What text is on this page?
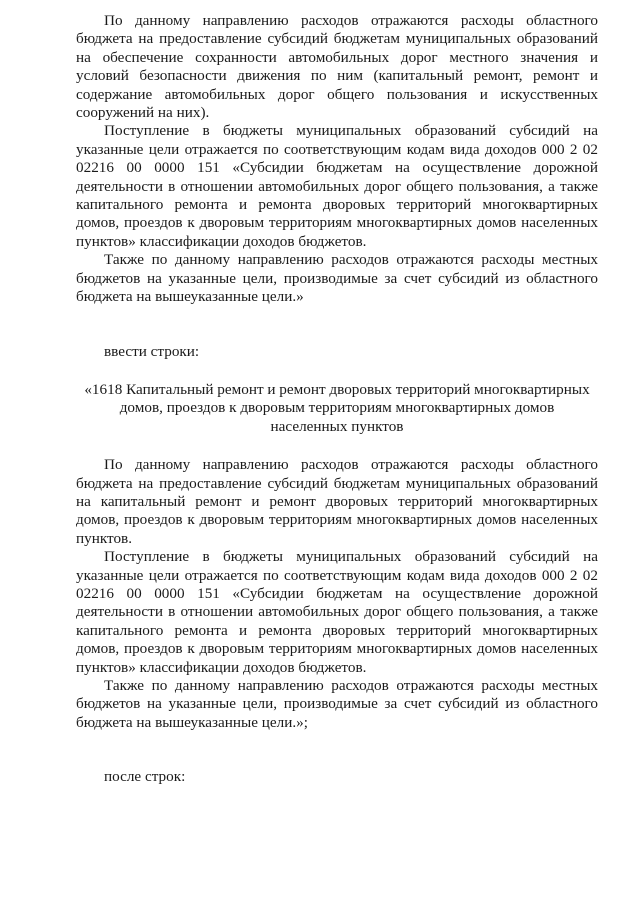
По данному направлению расходов отражаются расходы областного бюджета на предоставление субсидий бюджетам муниципальных образований на обеспечение сохранности автомобильных дорог местного значения и условий безопасности движения по ним (капитальный ремонт, ремонт и содержание автомобильных дорог общего пользования и искусственных сооружений на них).

Поступление в бюджеты муниципальных образований субсидий на указанные цели отражается по соответствующим кодам вида доходов 000 2 02 02216 00 0000 151 «Субсидии бюджетам на осуществление дорожной деятельности в отношении автомобильных дорог общего пользования, а также капитального ремонта и ремонта дворовых территорий многоквартирных домов, проездов к дворовым территориям многоквартирных домов населенных пунктов» классификации доходов бюджетов.

Также по данному направлению расходов отражаются расходы местных бюджетов на указанные цели, производимые за счет субсидий из областного бюджета на вышеуказанные цели.»

ввести строки:

«1618 Капитальный ремонт и ремонт дворовых территорий многоквартирных домов, проездов к дворовым территориям многоквартирных домов населенных пунктов

По данному направлению расходов отражаются расходы областного бюджета на предоставление субсидий бюджетам муниципальных образований на капитальный ремонт и ремонт дворовых территорий многоквартирных домов, проездов к дворовым территориям многоквартирных домов населенных пунктов.

Поступление в бюджеты муниципальных образований субсидий на указанные цели отражается по соответствующим кодам вида доходов 000 2 02 02216 00 0000 151 «Субсидии бюджетам на осуществление дорожной деятельности в отношении автомобильных дорог общего пользования, а также капитального ремонта и ремонта дворовых территорий многоквартирных домов, проездов к дворовым территориям многоквартирных домов населенных пунктов» классификации доходов бюджетов.

Также по данному направлению расходов отражаются расходы местных бюджетов на указанные цели, производимые за счет субсидий из областного бюджета на вышеуказанные цели.»;

после строк:
